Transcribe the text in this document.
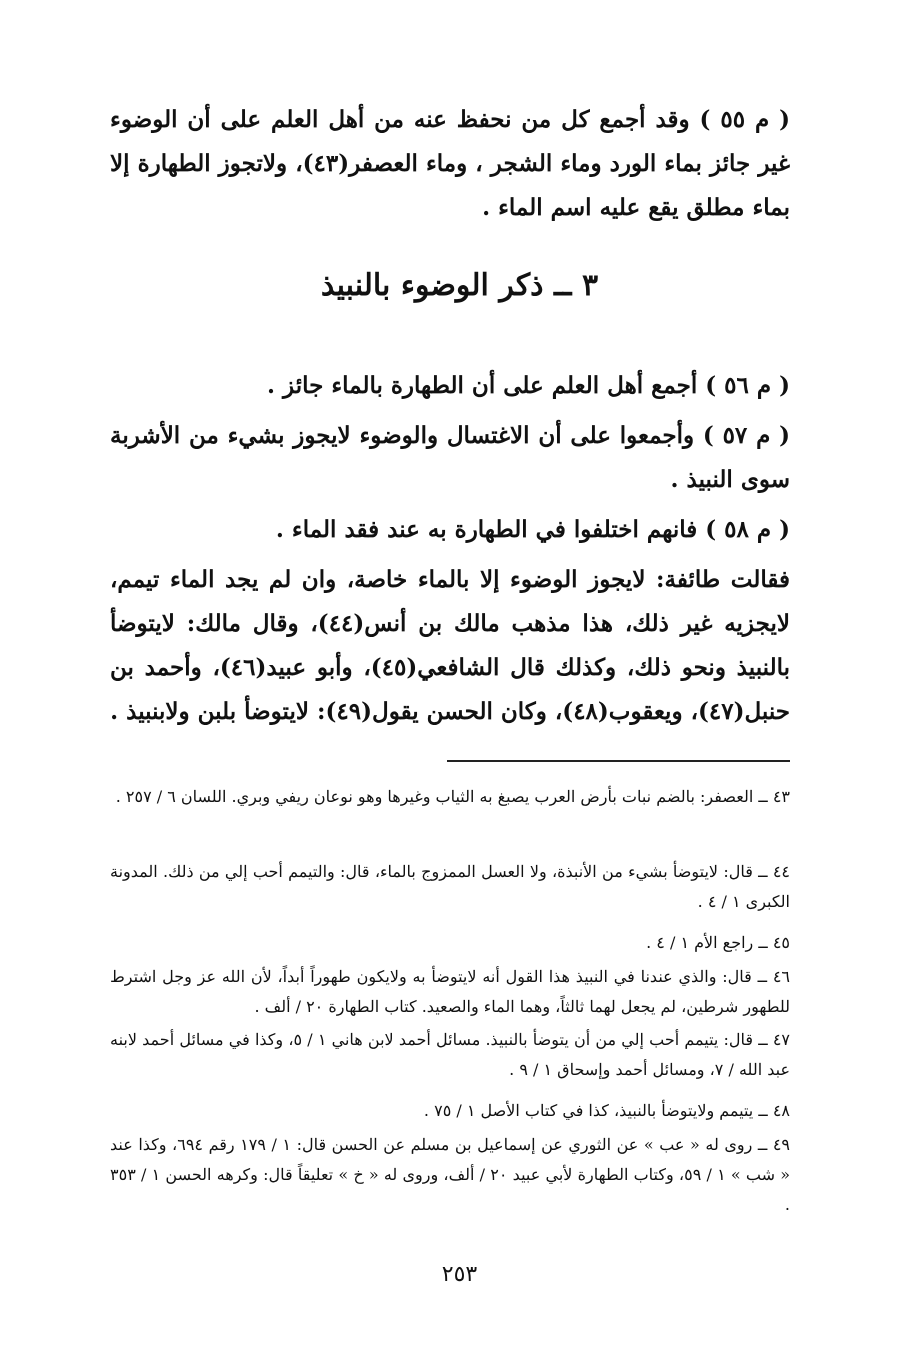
( م ٥٥ ) وقد أجمع كل من نحفظ عنه من أهل العلم على أن الوضوء غير جائز بماء الورد وماء الشجر ، وماء العصفر(٤٣)، ولاتجوز الطهارة إلا بماء مطلق يقع عليه اسم الماء .

٣ ــ ذكر الوضوء بالنبيذ

( م ٥٦ ) أجمع أهل العلم على أن الطهارة بالماء جائز .

( م ٥٧ ) وأجمعوا على أن الاغتسال والوضوء لايجوز بشيء من الأشربة سوى النبيذ .

( م ٥٨ ) فانهم اختلفوا في الطهارة به عند فقد الماء .

فقالت طائفة: لايجوز الوضوء إلا بالماء خاصة، وان لم يجد الماء تيمم، لايجزيه غير ذلك، هذا مذهب مالك بن أنس(٤٤)، وقال مالك: لايتوضأ بالنبيذ ونحو ذلك، وكذلك قال الشافعي(٤٥)، وأبو عبيد(٤٦)، وأحمد بن حنبل(٤٧)، ويعقوب(٤٨)، وكان الحسن يقول(٤٩): لايتوضأ بلبن ولابنبيذ .

٤٣ ــ العصفر: بالضم نبات بأرض العرب يصبغ به الثياب وغيرها وهو نوعان ريفي وبري. اللسان ٦ / ٢٥٧ .

٤٤ ــ قال: لايتوضأ بشيء من الأنبذة، ولا العسل الممزوج بالماء، قال: والتيمم أحب إلي من ذلك. المدونة الكبرى ١ / ٤ .

٤٥ ــ راجع الأم ١ / ٤ .

٤٦ ــ قال: والذي عندنا في النبيذ هذا القول أنه لايتوضأ به ولايكون طهوراً أبداً، لأن الله عز وجل اشترط للطهور شرطين، لم يجعل لهما ثالثاً، وهما الماء والصعيد. كتاب الطهارة ٢٠ / ألف .

٤٧ ــ قال: يتيمم أحب إلي من أن يتوضأ بالنبيذ. مسائل أحمد لابن هاني ١ / ٥، وكذا في مسائل أحمد لابنه عبد الله / ٧، ومسائل أحمد وإسحاق ١ / ٩ .

٤٨ ــ يتيمم ولايتوضأ بالنبيذ، كذا في كتاب الأصل ١ / ٧٥ .

٤٩ ــ روى له « عب » عن الثوري عن إسماعيل بن مسلم عن الحسن قال: ١ / ١٧٩ رقم ٦٩٤، وكذا عند « شب » ١ / ٥٩، وكتاب الطهارة لأبي عبيد ٢٠ / ألف، وروى له « خ » تعليقاً قال: وكرهه الحسن ١ / ٣٥٣ .

٢٥٣
